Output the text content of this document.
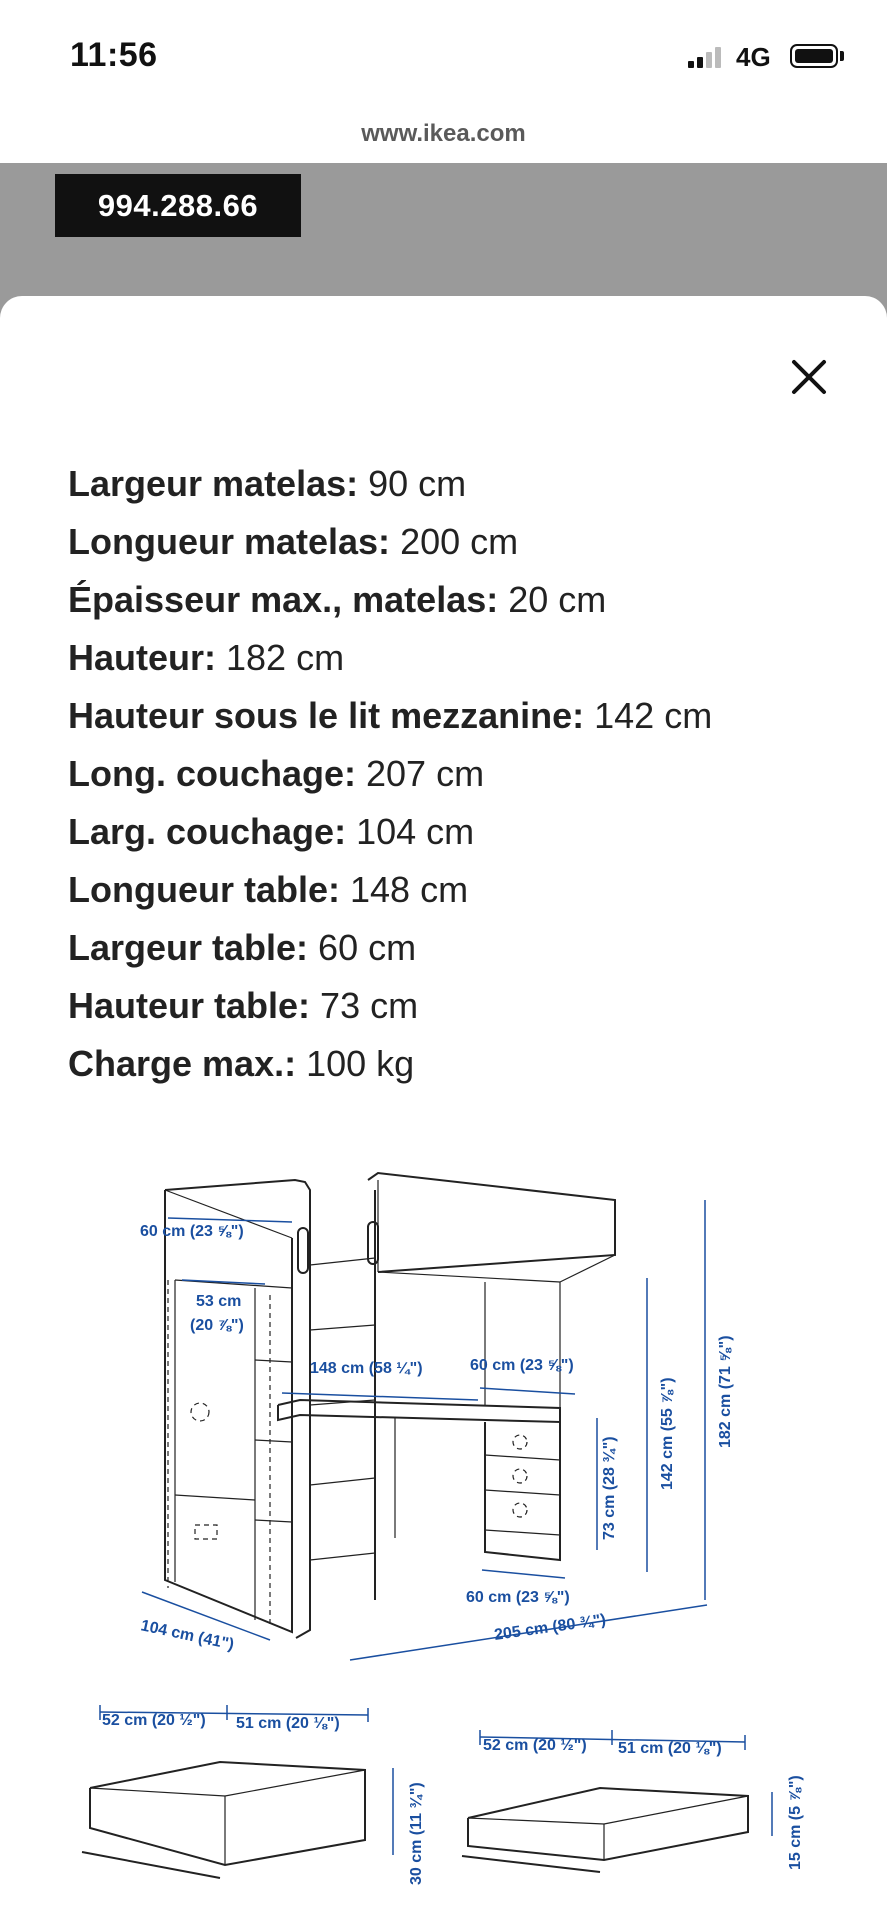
11:56	4G
www.ikea.com
994.288.66
Largeur matelas: 90 cm
Longueur matelas: 200 cm
Épaisseur max., matelas: 20 cm
Hauteur: 182 cm
Hauteur sous le lit mezzanine: 142 cm
Long. couchage: 207 cm
Larg. couchage: 104 cm
Longueur table: 148 cm
Largeur table: 60 cm
Hauteur table: 73 cm
Charge max.: 100 kg
60 cm (23 ⅝")
53 cm
(20 ⅞")
148 cm (58 ¼")	60 cm (23 ⅝")
73 cm (28 ¾")	142 cm (55 ⅞")	182 cm (71 ⅝")
104 cm (41")
60 cm (23 ⅝")
205 cm (80 ¾")
52 cm (20 ½") 51 cm (20 ⅛")
30 cm (11 ¾")
52 cm (20 ½") 51 cm (20 ⅛")
15 cm (5 ⅞")
